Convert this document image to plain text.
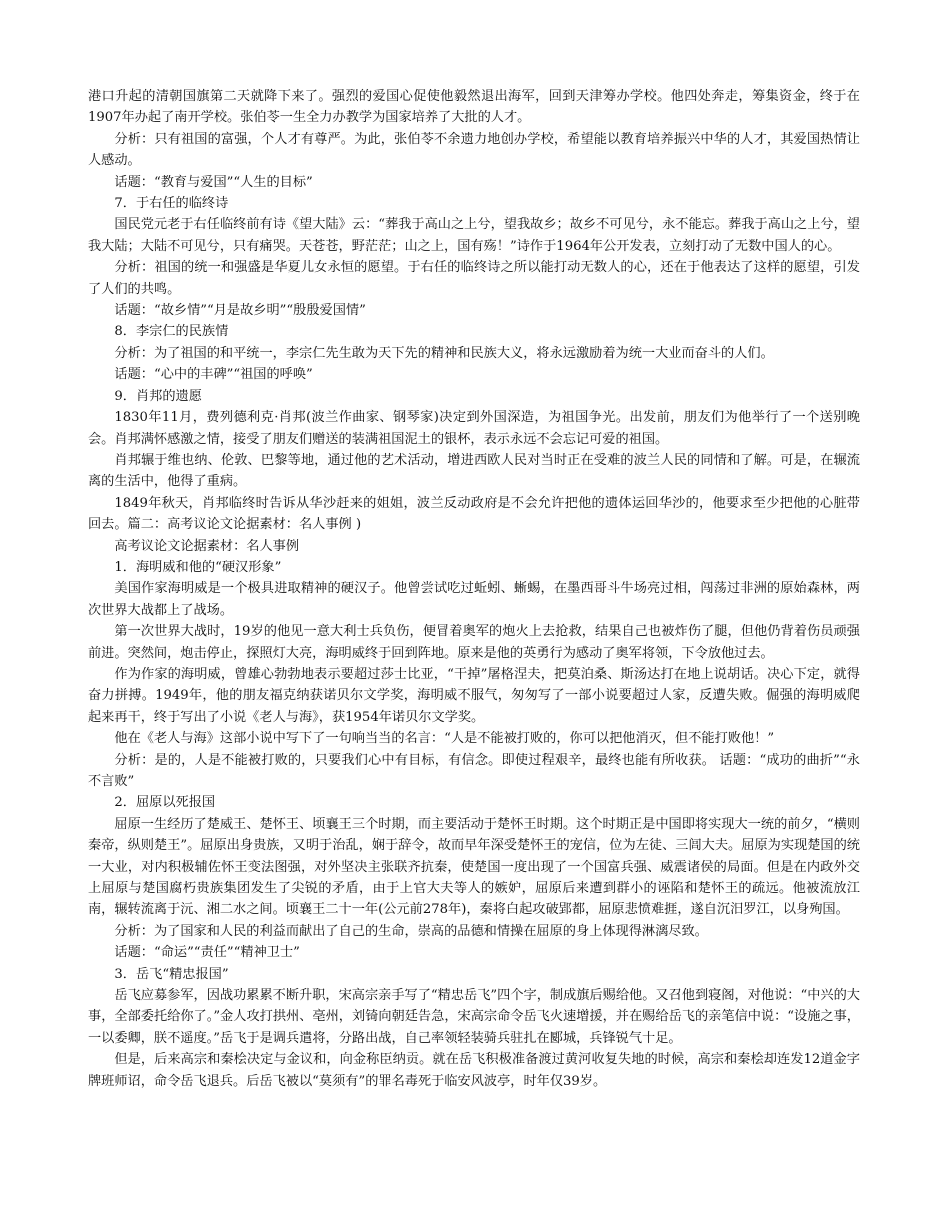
港口升起的清朝国旗第二天就降下来了。强烈的爱国心促使他毅然退出海军，回到天津筹办学校。他四处奔走，筹集资金，终于在1907年办起了南开学校。张伯苓一生全力办教学为国家培养了大批的人才。

分析：只有祖国的富强，个人才有尊严。为此，张伯苓不余遗力地创办学校，希望能以教育培养振兴中华的人才，其爱国热情让人感动。

话题：“教育与爱国”“人生的目标”

7．于右任的临终诗

国民党元老于右任临终前有诗《望大陆》云：“葬我于高山之上兮，望我故乡；故乡不可见兮，永不能忘。葬我于高山之上兮，望我大陆；大陆不可见兮，只有痛哭。天苍苍，野茫茫；山之上，国有殇！”诗作于1964年公开发表，立刻打动了无数中国人的心。

分析：祖国的统一和强盛是华夏儿女永恒的愿望。于右任的临终诗之所以能打动无数人的心，还在于他表达了这样的愿望，引发了人们的共鸣。

话题：“故乡情”“月是故乡明”“殷殷爱国情”

8．李宗仁的民族情

分析：为了祖国的和平统一，李宗仁先生敢为天下先的精神和民族大义，将永远激励着为统一大业而奋斗的人们。

话题：“心中的丰碑”“祖国的呼唤”

9．肖邦的遗愿

1830年11月，费列德利克·肖邦(波兰作曲家、钢琴家)决定到外国深造，为祖国争光。出发前，朋友们为他举行了一个送别晚会。肖邦满怀感激之情，接受了朋友们赠送的装满祖国泥土的银杯，表示永远不会忘记可爱的祖国。

肖邦辗于维也纳、伦敦、巴黎等地，通过他的艺术活动，增进西欧人民对当时正在受难的波兰人民的同情和了解。可是，在辗流离的生活中，他得了重病。

1849年秋天，肖邦临终时告诉从华沙赶来的姐姐，波兰反动政府是不会允许把他的遗体运回华沙的，他要求至少把他的心脏带回去。篇二：高考议论文论据素材：名人事例 )

高考议论文论据素材：名人事例

1．海明威和他的“硬汉形象”

美国作家海明威是一个极具进取精神的硬汉子。他曾尝试吃过蚯蚓、蜥蜴，在墨西哥斗牛场亮过相，闯荡过非洲的原始森林，两次世界大战都上了战场。

第一次世界大战时，19岁的他见一意大利士兵负伤，便冒着奥军的炮火上去抢救，结果自己也被炸伤了腿，但他仍背着伤员顽强前进。突然间，炮击停止，探照灯大亮，海明威终于回到阵地。原来是他的英勇行为感动了奥军将领，下令放他过去。

作为作家的海明威，曾雄心勃勃地表示要超过莎士比亚，“干掉”屠格涅夫，把莫泊桑、斯汤达打在地上说胡话。决心下定，就得奋力拼搏。1949年，他的朋友福克纳获诺贝尔文学奖，海明威不服气，匆匆写了一部小说要超过人家，反遭失败。倔强的海明威爬起来再干，终于写出了小说《老人与海》，获1954年诺贝尔文学奖。

他在《老人与海》这部小说中写下了一句响当当的名言：“人是不能被打败的，你可以把他消灭，但不能打败他！”

分析：是的，人是不能被打败的，只要我们心中有目标，有信念。即使过程艰辛，最终也能有所收获。 话题：“成功的曲折”“永不言败”

2．屈原以死报国

屈原一生经历了楚威王、楚怀王、顷襄王三个时期，而主要活动于楚怀王时期。这个时期正是中国即将实现大一统的前夕，“横则秦帝，纵则楚王”。屈原出身贵族，又明于治乱，娴于辞令，故而早年深受楚怀王的宠信，位为左徒、三闾大夫。屈原为实现楚国的统一大业，对内积极辅佐怀王变法图强，对外坚决主张联齐抗秦，使楚国一度出现了一个国富兵强、威震诸侯的局面。但是在内政外交上屈原与楚国腐朽贵族集团发生了尖锐的矛盾，由于上官大夫等人的嫉妒，屈原后来遭到群小的诬陷和楚怀王的疏远。他被流放江南，辗转流离于沅、湘二水之间。顷襄王二十一年(公元前278年)，秦将白起攻破郢都，屈原悲愤难捱，遂自沉汨罗江，以身殉国。

分析：为了国家和人民的利益而献出了自己的生命，崇高的品德和情操在屈原的身上体现得淋漓尽致。

话题：“命运”“责任”“精神卫士”

3．岳飞“精忠报国”

岳飞应募参军，因战功累累不断升职，宋高宗亲手写了“精忠岳飞”四个字，制成旗后赐给他。又召他到寝阁，对他说：“中兴的大事，全部委托给你了。”金人攻打拱州、亳州，刘锜向朝廷告急，宋高宗命令岳飞火速增援，并在赐给岳飞的亲笔信中说：“设施之事，一以委卿，朕不遥度。”岳飞于是调兵遣将，分路出战，自己率领轻装骑兵驻扎在郾城，兵锋锐气十足。

但是，后来高宗和秦桧决定与金议和，向金称臣纳贡。就在岳飞积极准备渡过黄河收复失地的时候，高宗和秦桧却连发12道金字牌班师诏，命令岳飞退兵。后岳飞被以“莫须有”的罪名毒死于临安风波亭，时年仅39岁。
